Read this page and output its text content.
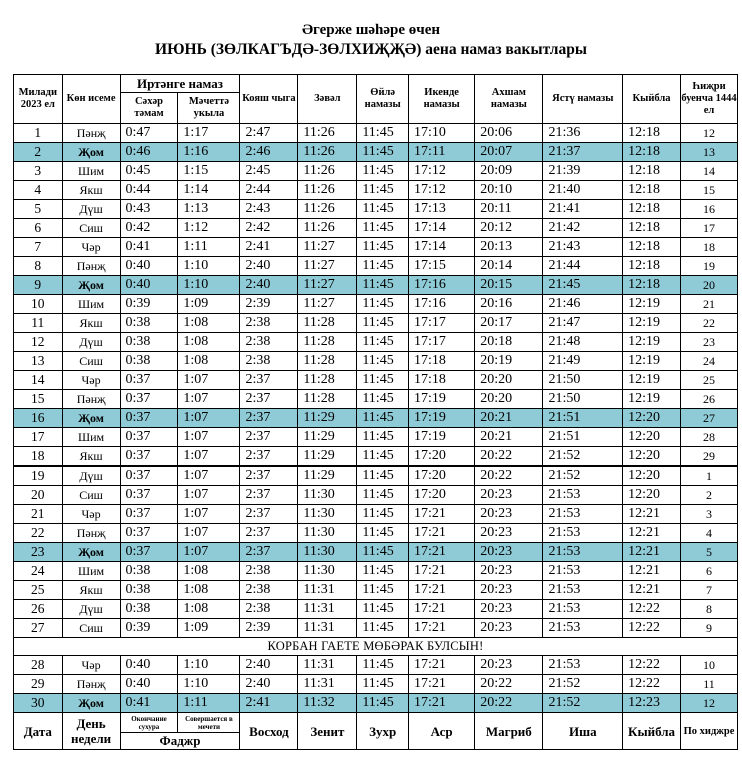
Әгерже шәһәре өчен
ИЮНЬ (ЗӨЛКАГЪДӘ-ЗӨЛХИҖҖӘ) аена намаз вакытлары
Милади 2023 ел	Көн исеме	Иртәнге намаз		Кояш чыга	Зәвәл	Өйлә намазы	Икенде намазы	Ахшам намазы	Ястү намазы	Кыйбла	Һиҗри буенча 1444 ел
		Сәхәр тәмам	Мәчеттә укыла								
1	Пәнҗ	0:47	1:17	2:47	11:26	11:45	17:10	20:06	21:36	12:18	12
2	Җом	0:46	1:16	2:46	11:26	11:45	17:11	20:07	21:37	12:18	13
3	Шим	0:45	1:15	2:45	11:26	11:45	17:12	20:09	21:39	12:18	14
4	Якш	0:44	1:14	2:44	11:26	11:45	17:12	20:10	21:40	12:18	15
5	Дүш	0:43	1:13	2:43	11:26	11:45	17:13	20:11	21:41	12:18	16
6	Сиш	0:42	1:12	2:42	11:26	11:45	17:14	20:12	21:42	12:18	17
7	Чәр	0:41	1:11	2:41	11:27	11:45	17:14	20:13	21:43	12:18	18
8	Пәнҗ	0:40	1:10	2:40	11:27	11:45	17:15	20:14	21:44	12:18	19
9	Җом	0:40	1:10	2:40	11:27	11:45	17:16	20:15	21:45	12:18	20
10	Шим	0:39	1:09	2:39	11:27	11:45	17:16	20:16	21:46	12:19	21
11	Якш	0:38	1:08	2:38	11:28	11:45	17:17	20:17	21:47	12:19	22
12	Дүш	0:38	1:08	2:38	11:28	11:45	17:17	20:18	21:48	12:19	23
13	Сиш	0:38	1:08	2:38	11:28	11:45	17:18	20:19	21:49	12:19	24
14	Чәр	0:37	1:07	2:37	11:28	11:45	17:18	20:20	21:50	12:19	25
15	Пәнҗ	0:37	1:07	2:37	11:28	11:45	17:19	20:20	21:50	12:19	26
16	Җом	0:37	1:07	2:37	11:29	11:45	17:19	20:21	21:51	12:20	27
17	Шим	0:37	1:07	2:37	11:29	11:45	17:19	20:21	21:51	12:20	28
18	Якш	0:37	1:07	2:37	11:29	11:45	17:20	20:22	21:52	12:20	29
19	Дүш	0:37	1:07	2:37	11:29	11:45	17:20	20:22	21:52	12:20	1
20	Сиш	0:37	1:07	2:37	11:30	11:45	17:20	20:23	21:53	12:20	2
21	Чәр	0:37	1:07	2:37	11:30	11:45	17:21	20:23	21:53	12:21	3
22	Пәнҗ	0:37	1:07	2:37	11:30	11:45	17:21	20:23	21:53	12:21	4
23	Җом	0:37	1:07	2:37	11:30	11:45	17:21	20:23	21:53	12:21	5
24	Шим	0:38	1:08	2:38	11:30	11:45	17:21	20:23	21:53	12:21	6
25	Якш	0:38	1:08	2:38	11:31	11:45	17:21	20:23	21:53	12:21	7
26	Дүш	0:38	1:08	2:38	11:31	11:45	17:21	20:23	21:53	12:22	8
27	Сиш	0:39	1:09	2:39	11:31	11:45	17:21	20:23	21:53	12:22	9
КОРБАН ГАЕТЕ МӨБӘРАК БУЛСЫН!											
28	Чәр	0:40	1:10	2:40	11:31	11:45	17:21	20:23	21:53	12:22	10
29	Пәнҗ	0:40	1:10	2:40	11:31	11:45	17:21	20:22	21:52	12:22	11
30	Җом	0:41	1:11	2:41	11:32	11:45	17:21	20:22	21:52	12:23	12
Дата	День недели	Окончание сухура	Совершается в мечети	Восход	Зенит	Зухр	Аср	Магриб	Иша	Кыйбла	По хиджре
		Фаджр									
